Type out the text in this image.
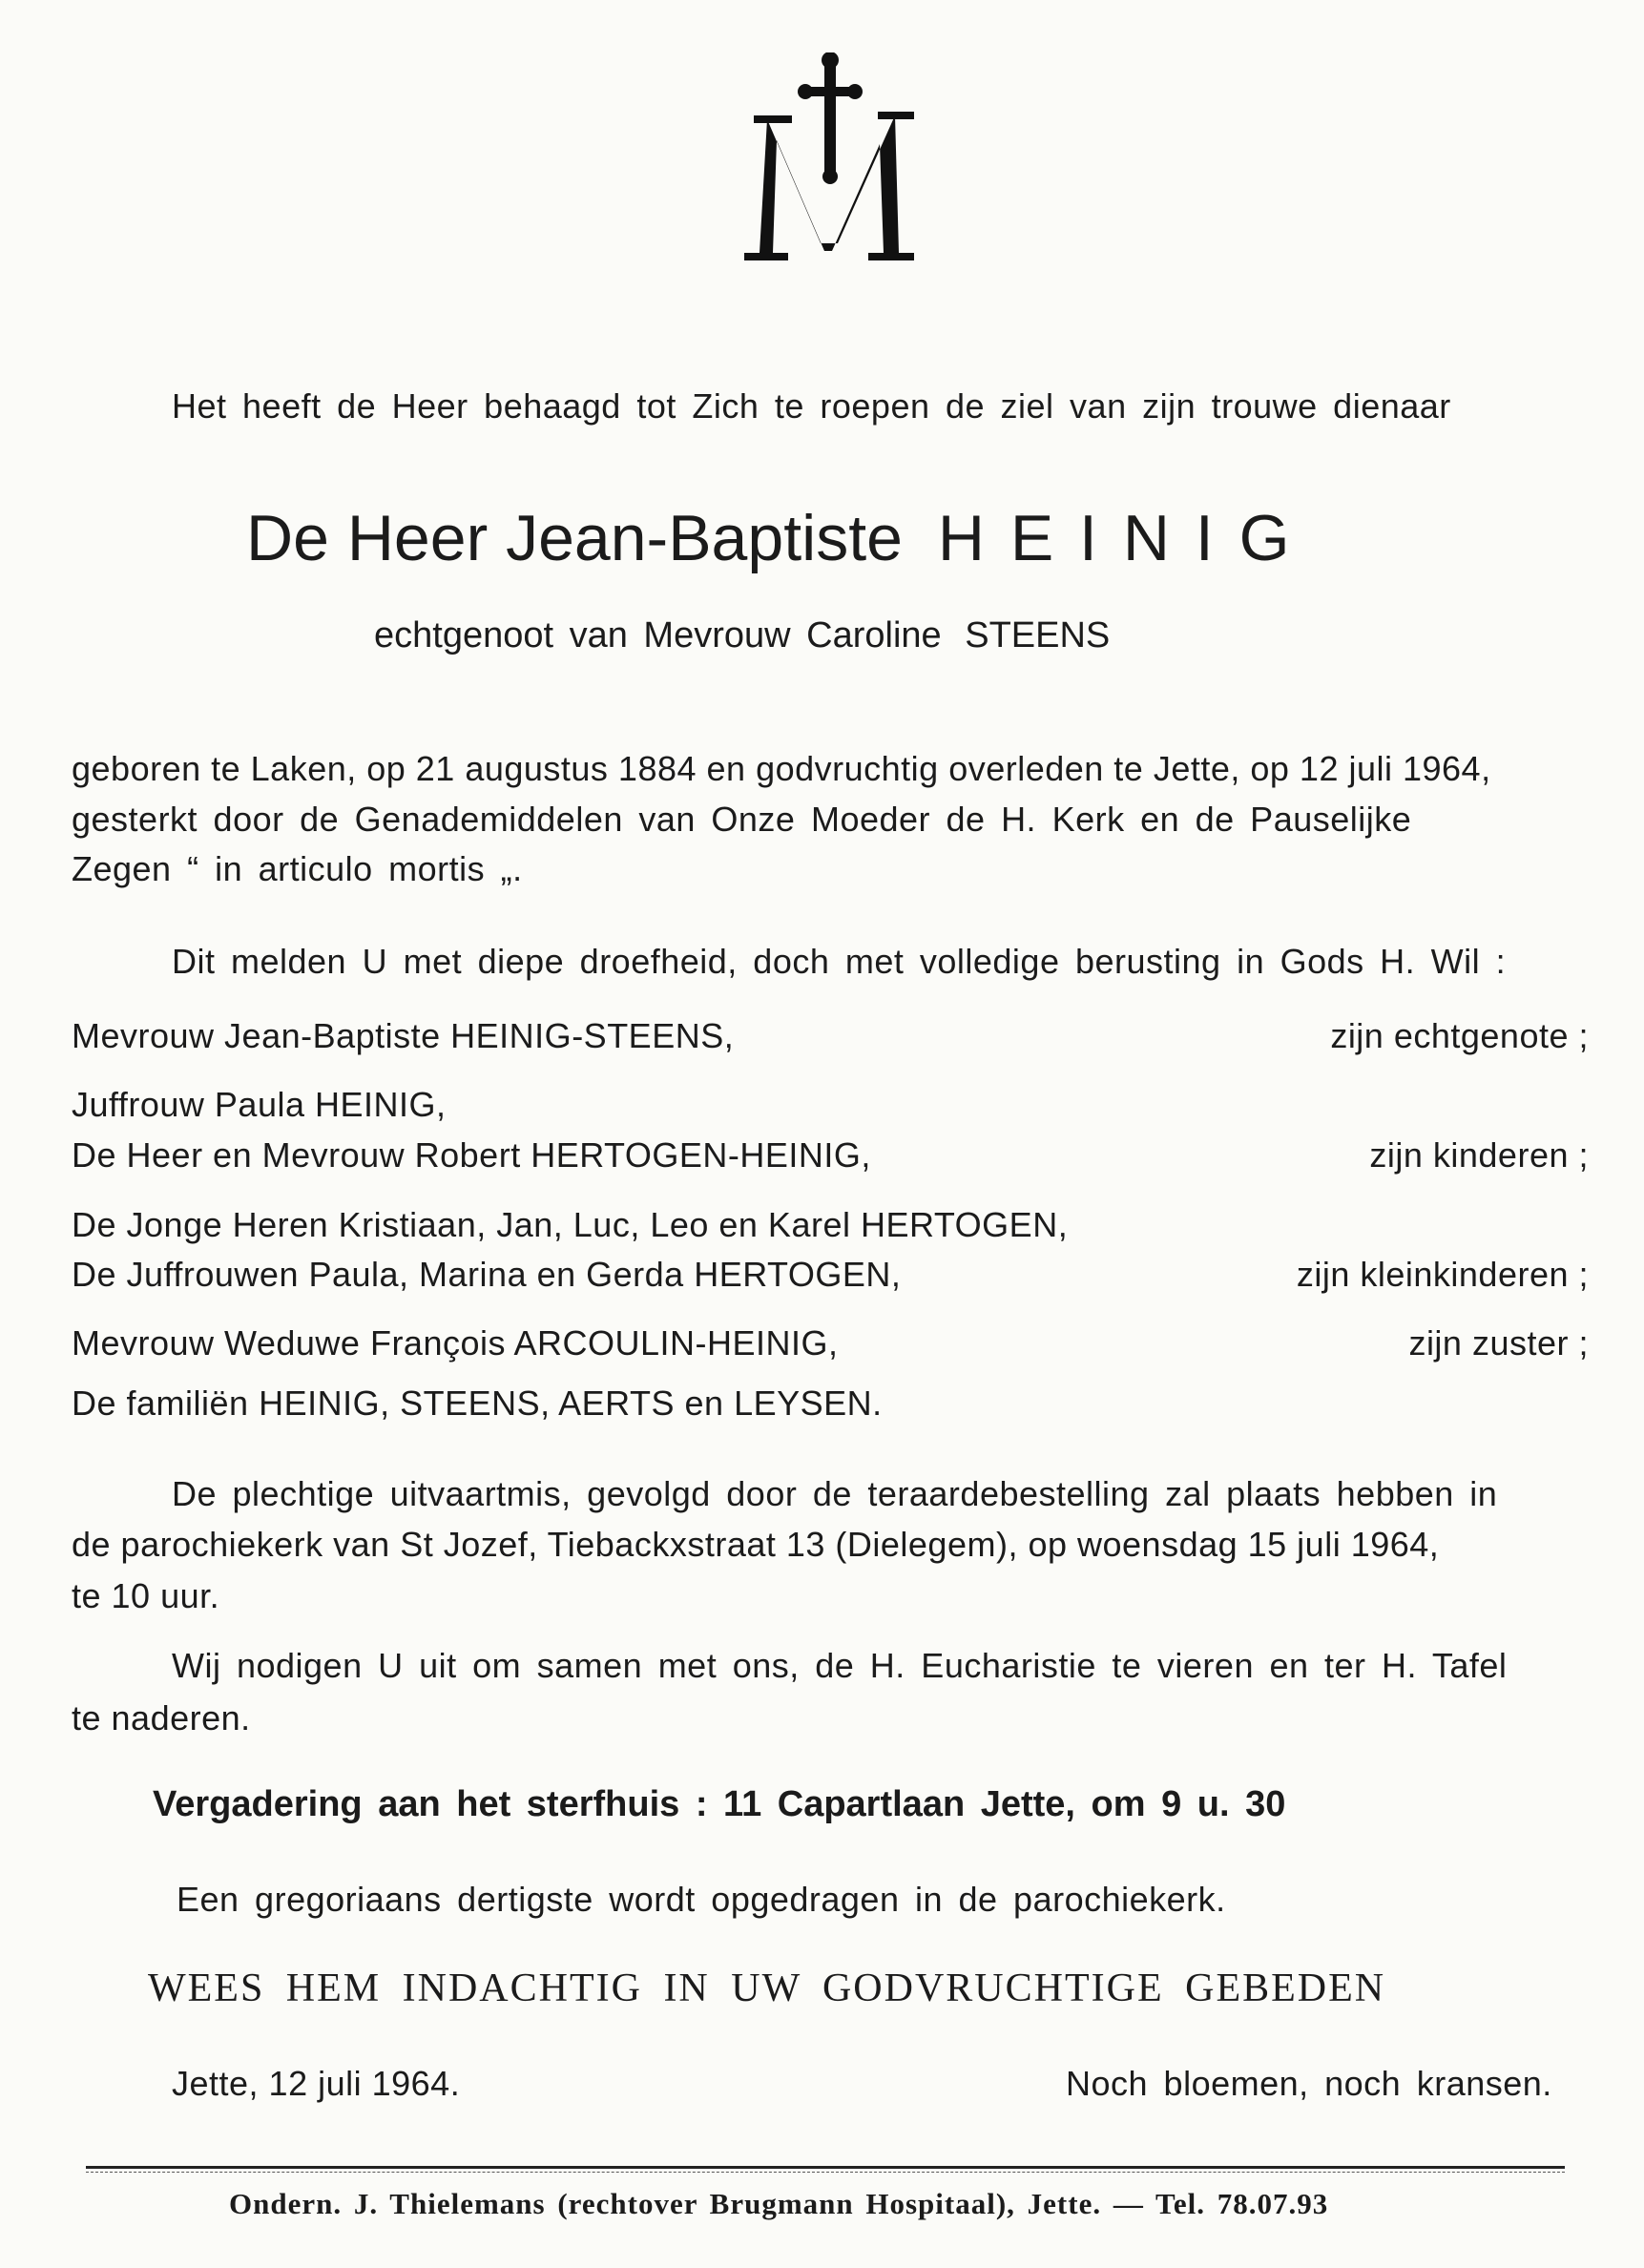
Het heeft de Heer behaagd tot Zich te roepen de ziel van zijn trouwe dienaar
De Heer Jean-Baptiste H E I N I G
echtgenoot van Mevrouw Caroline STEENS
geboren te Laken, op 21 augustus 1884 en godvruchtig overleden te Jette, op 12 juli 1964,
gesterkt door de Genademiddelen van Onze Moeder de H. Kerk en de Pauselijke
Zegen “ in articulo mortis „.
Dit melden U met diepe droefheid, doch met volledige berusting in Gods H. Wil :
Mevrouw Jean-Baptiste HEINIG-STEENS,	zijn echtgenote ;
Juffrouw Paula HEINIG,
De Heer en Mevrouw Robert HERTOGEN-HEINIG,	zijn kinderen ;
De Jonge Heren Kristiaan, Jan, Luc, Leo en Karel HERTOGEN,
De Juffrouwen Paula, Marina en Gerda HERTOGEN,	zijn kleinkinderen ;
Mevrouw Weduwe François ARCOULIN-HEINIG,	zijn zuster ;
De familiën HEINIG, STEENS, AERTS en LEYSEN.
De plechtige uitvaartmis, gevolgd door de teraardebestelling zal plaats hebben in
de parochiekerk van St Jozef, Tiebackxstraat 13 (Dielegem), op woensdag 15 juli 1964,
te 10 uur.
Wij nodigen U uit om samen met ons, de H. Eucharistie te vieren en ter H. Tafel
te naderen.
Vergadering aan het sterfhuis : 11 Capartlaan Jette, om 9 u. 30
Een gregoriaans dertigste wordt opgedragen in de parochiekerk.
WEES HEM INDACHTIG IN UW GODVRUCHTIGE GEBEDEN
Jette, 12 juli 1964.	Noch bloemen, noch kransen.
Ondern. J. Thielemans (rechtover Brugmann Hospitaal), Jette. — Tel. 78.07.93
